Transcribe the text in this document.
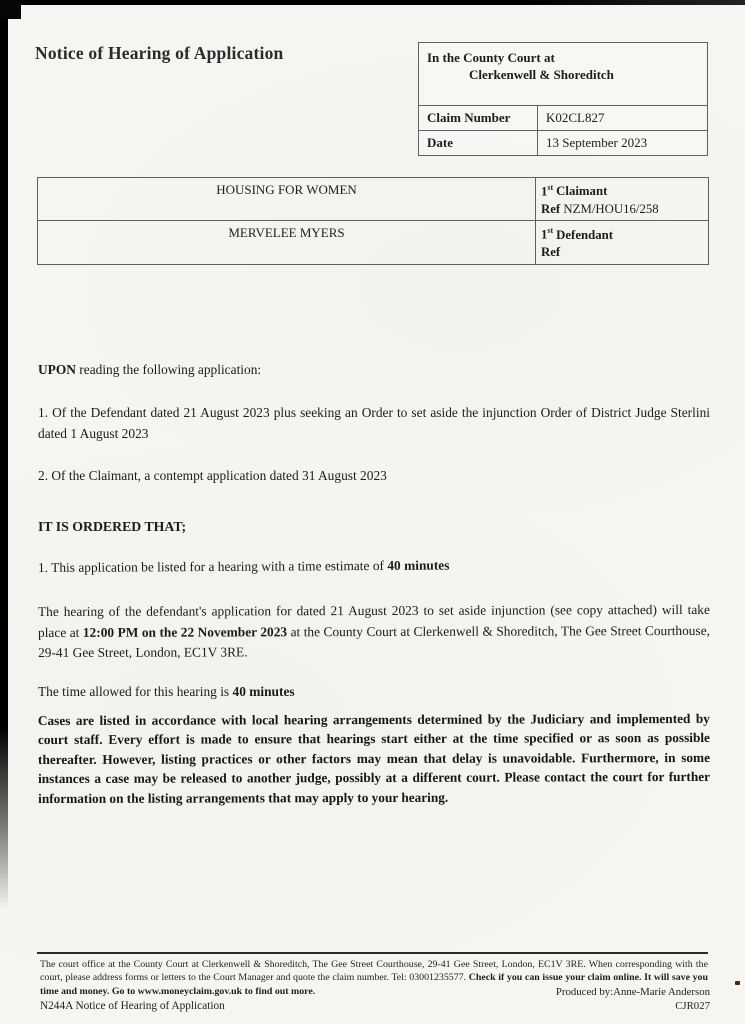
Notice of Hearing of Application	In the County Court at
Clerkenwell & Shoreditch
Claim Number	K02CL827
Date	13 September 2023
HOUSING FOR WOMEN	1st Claimant
Ref NZM/HOU16/258
MERVELEE MYERS	1st Defendant
Ref
UPON reading the following application:
1. Of the Defendant dated 21 August 2023 plus seeking an Order to set aside the injunction Order of District Judge Sterlini dated 1 August 2023
2. Of the Claimant, a contempt application dated 31 August 2023
IT IS ORDERED THAT;
1. This application be listed for a hearing with a time estimate of 40 minutes
The hearing of the defendant's application for dated 21 August 2023 to set aside injunction (see copy attached) will take place at 12:00 PM on the 22 November 2023 at the County Court at Clerkenwell & Shoreditch, The Gee Street Courthouse, 29-41 Gee Street, London, EC1V 3RE.
The time allowed for this hearing is 40 minutes
Cases are listed in accordance with local hearing arrangements determined by the Judiciary and implemented by court staff. Every effort is made to ensure that hearings start either at the time specified or as soon as possible thereafter. However, listing practices or other factors may mean that delay is unavoidable. Furthermore, in some instances a case may be released to another judge, possibly at a different court. Please contact the court for further information on the listing arrangements that may apply to your hearing.
The court office at the County Court at Clerkenwell & Shoreditch, The Gee Street Courthouse, 29-41 Gee Street, London, EC1V 3RE. When corresponding with the court, please address forms or letters to the Court Manager and quote the claim number. Tel: 03001235577. Check if you can issue your claim online. It will save you time and money. Go to www.moneyclaim.gov.uk to find out more.	Produced by:Anne-Marie Anderson
CJR027
N244A Notice of Hearing of Application
